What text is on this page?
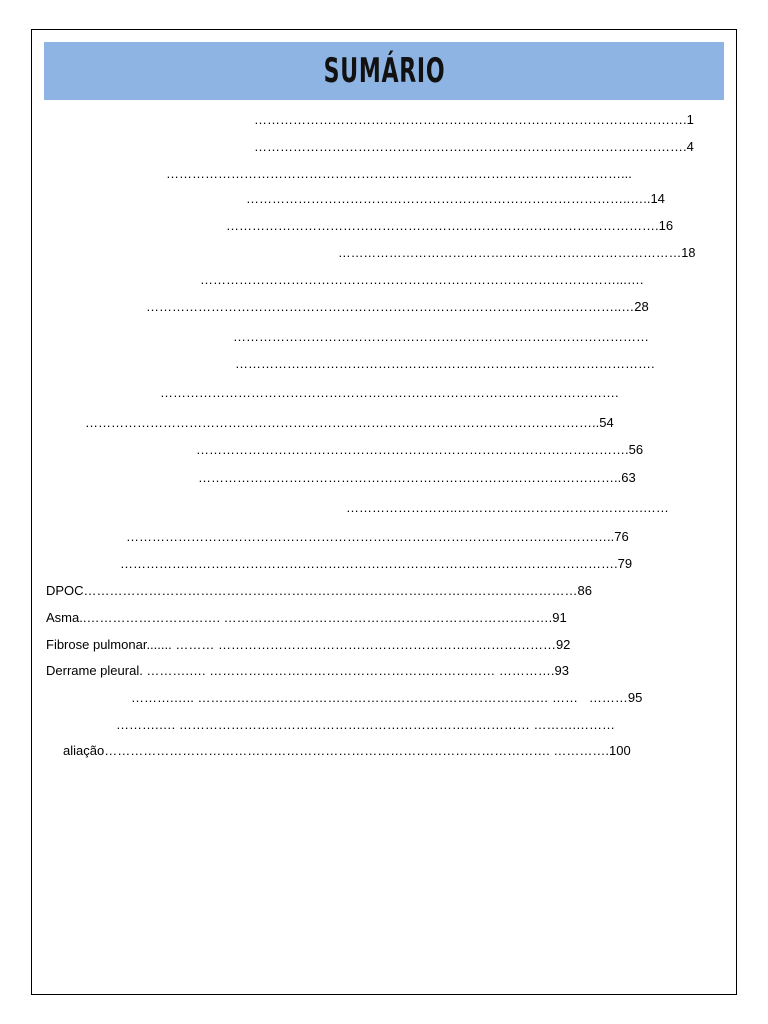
SUMÁRIO
……………………………………………………………………………………….1
……………………………………………………………………………………….4
……………………………………………………………………………………………...
……………………………………………………………………………..…..14
……………………………………………………………………………………….16
………………………………………………………………………18
……………………………………………………………………………………...….
………………………………………………………………………………………………..…28
……………………………………………………………………………………
…………………………………………………………………………………….
…………………………………………………………………………………………….
………………………………………………………………………………………………………..54
……………………………………………………………………………………….56
……………………………………………………………………………………..63
……………………..…………………………………….……
…………………………………………………………………………………………………..76
…………………………………………………………………………………………………….79
DPOC……………………………………………………………………………………………………86
Asma..…………………………. ………………………………………………………………….91
Fibrose pulmonar....... ……… ……………………………………………………………………92
Derrame pleural. ……….…. ………………………………………………………… ………….93
……….….. ……………………………………………………………………… ……   ………95
……….…. ……………………………………………………………………… ……….………
aliação…………………………………………………………………………………………. ………….100
